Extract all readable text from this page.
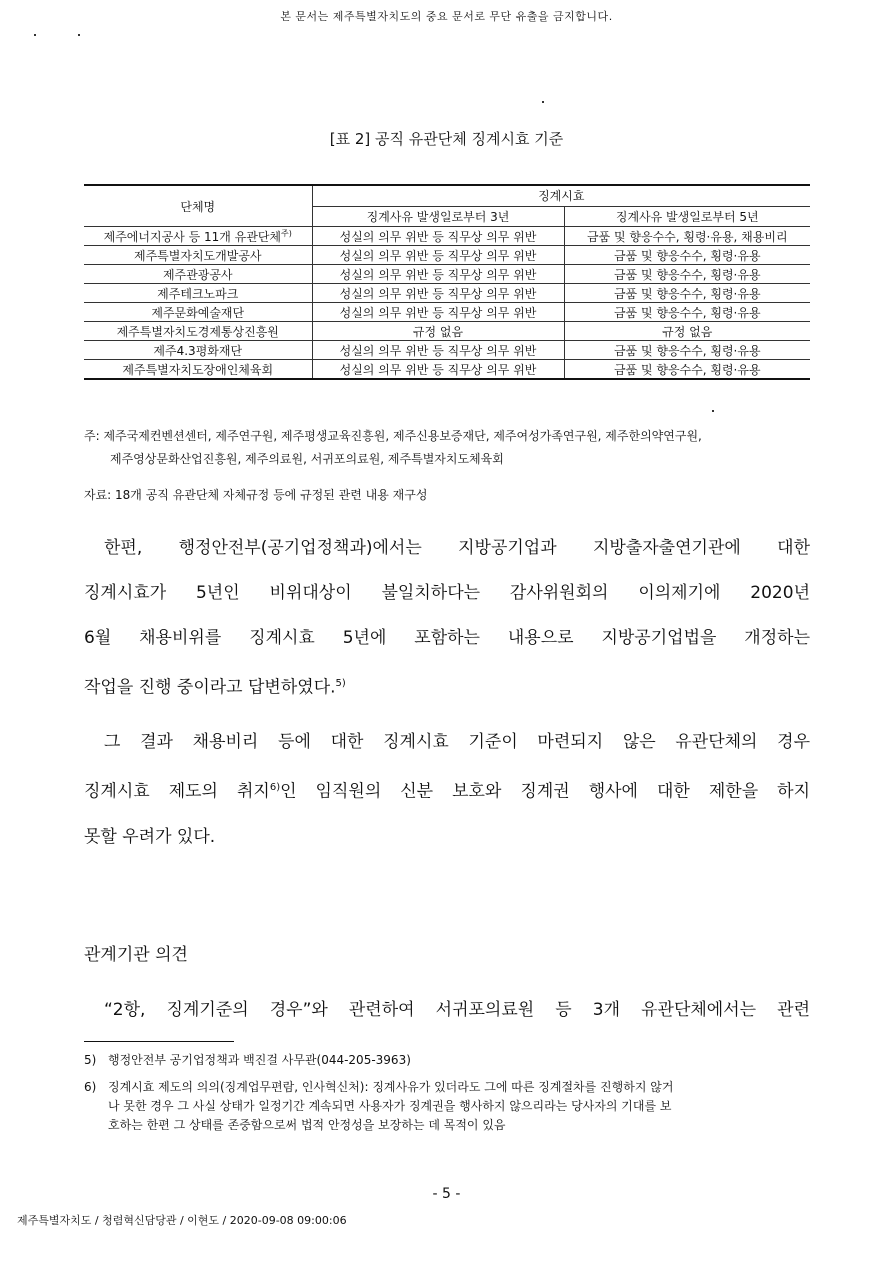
본 문서는 제주특별자치도의 중요 문서로 무단 유출을 금지합니다.
[표 2] 공직 유관단체 징계시효 기준
단체명	징계시효	
	징계사유 발생일로부터 3년	징계사유 발생일로부터 5년
제주에너지공사 등 11개 유관단체$^{주)}$	성실의 의무 위반 등 직무상 의무 위반	금품 및 향응수수, 횡령·유용, 채용비리
제주특별자치도개발공사	성실의 의무 위반 등 직무상 의무 위반	금품 및 향응수수, 횡령·유용
제주관광공사	성실의 의무 위반 등 직무상 의무 위반	금품 및 향응수수, 횡령·유용
제주테크노파크	성실의 의무 위반 등 직무상 의무 위반	금품 및 향응수수, 횡령·유용
제주문화예술재단	성실의 의무 위반 등 직무상 의무 위반	금품 및 향응수수, 횡령·유용
제주특별자치도경제통상진흥원	규정 없음	규정 없음
제주4.3평화재단	성실의 의무 위반 등 직무상 의무 위반	금품 및 향응수수, 횡령·유용
제주특별자치도장애인체육회	성실의 의무 위반 등 직무상 의무 위반	금품 및 향응수수, 횡령·유용
주: 제주국제컨벤션센터, 제주연구원, 제주평생교육진흥원, 제주신용보증재단, 제주여성가족연구원, 제주한의약연구원,
제주영상문화산업진흥원, 제주의료원, 서귀포의료원, 제주특별자치도체육회
자료: 18개 공직 유관단체 자체규정 등에 규정된 관련 내용 재구성
한편, 행정안전부(공기업정책과)에서는 지방공기업과 지방출자출연기관에 대한
징계시효가 5년인 비위대상이 불일치하다는 감사위원회의 이의제기에 2020년
6월 채용비위를 징계시효 5년에 포함하는 내용으로 지방공기업법을 개정하는
작업을 진행 중이라고 답변하였다.$^{5)}$
그 결과 채용비리 등에 대한 징계시효 기준이 마련되지 않은 유관단체의 경우
징계시효 제도의 취지$^{6)}$인 임직원의 신분 보호와 징계권 행사에 대한 제한을 하지
못할 우려가 있다.
관계기관 의견
“2항, 징계기준의 경우”와 관련하여 서귀포의료원 등 3개 유관단체에서는 관련
5) 행정안전부 공기업정책과 백진걸 사무관(044-205-3963)
6) 징계시효 제도의 의의(징계업무편람, 인사혁신처): 징계사유가 있더라도 그에 따른 징계절차를 진행하지 않거
나 못한 경우 그 사실 상태가 일정기간 계속되면 사용자가 징계권을 행사하지 않으리라는 당사자의 기대를 보
호하는 한편 그 상태를 존중함으로써 법적 안정성을 보장하는 데 목적이 있음
- 5 -
제주특별자치도 / 청렴혁신담당관 / 이현도 / 2020-09-08 09:00:06
